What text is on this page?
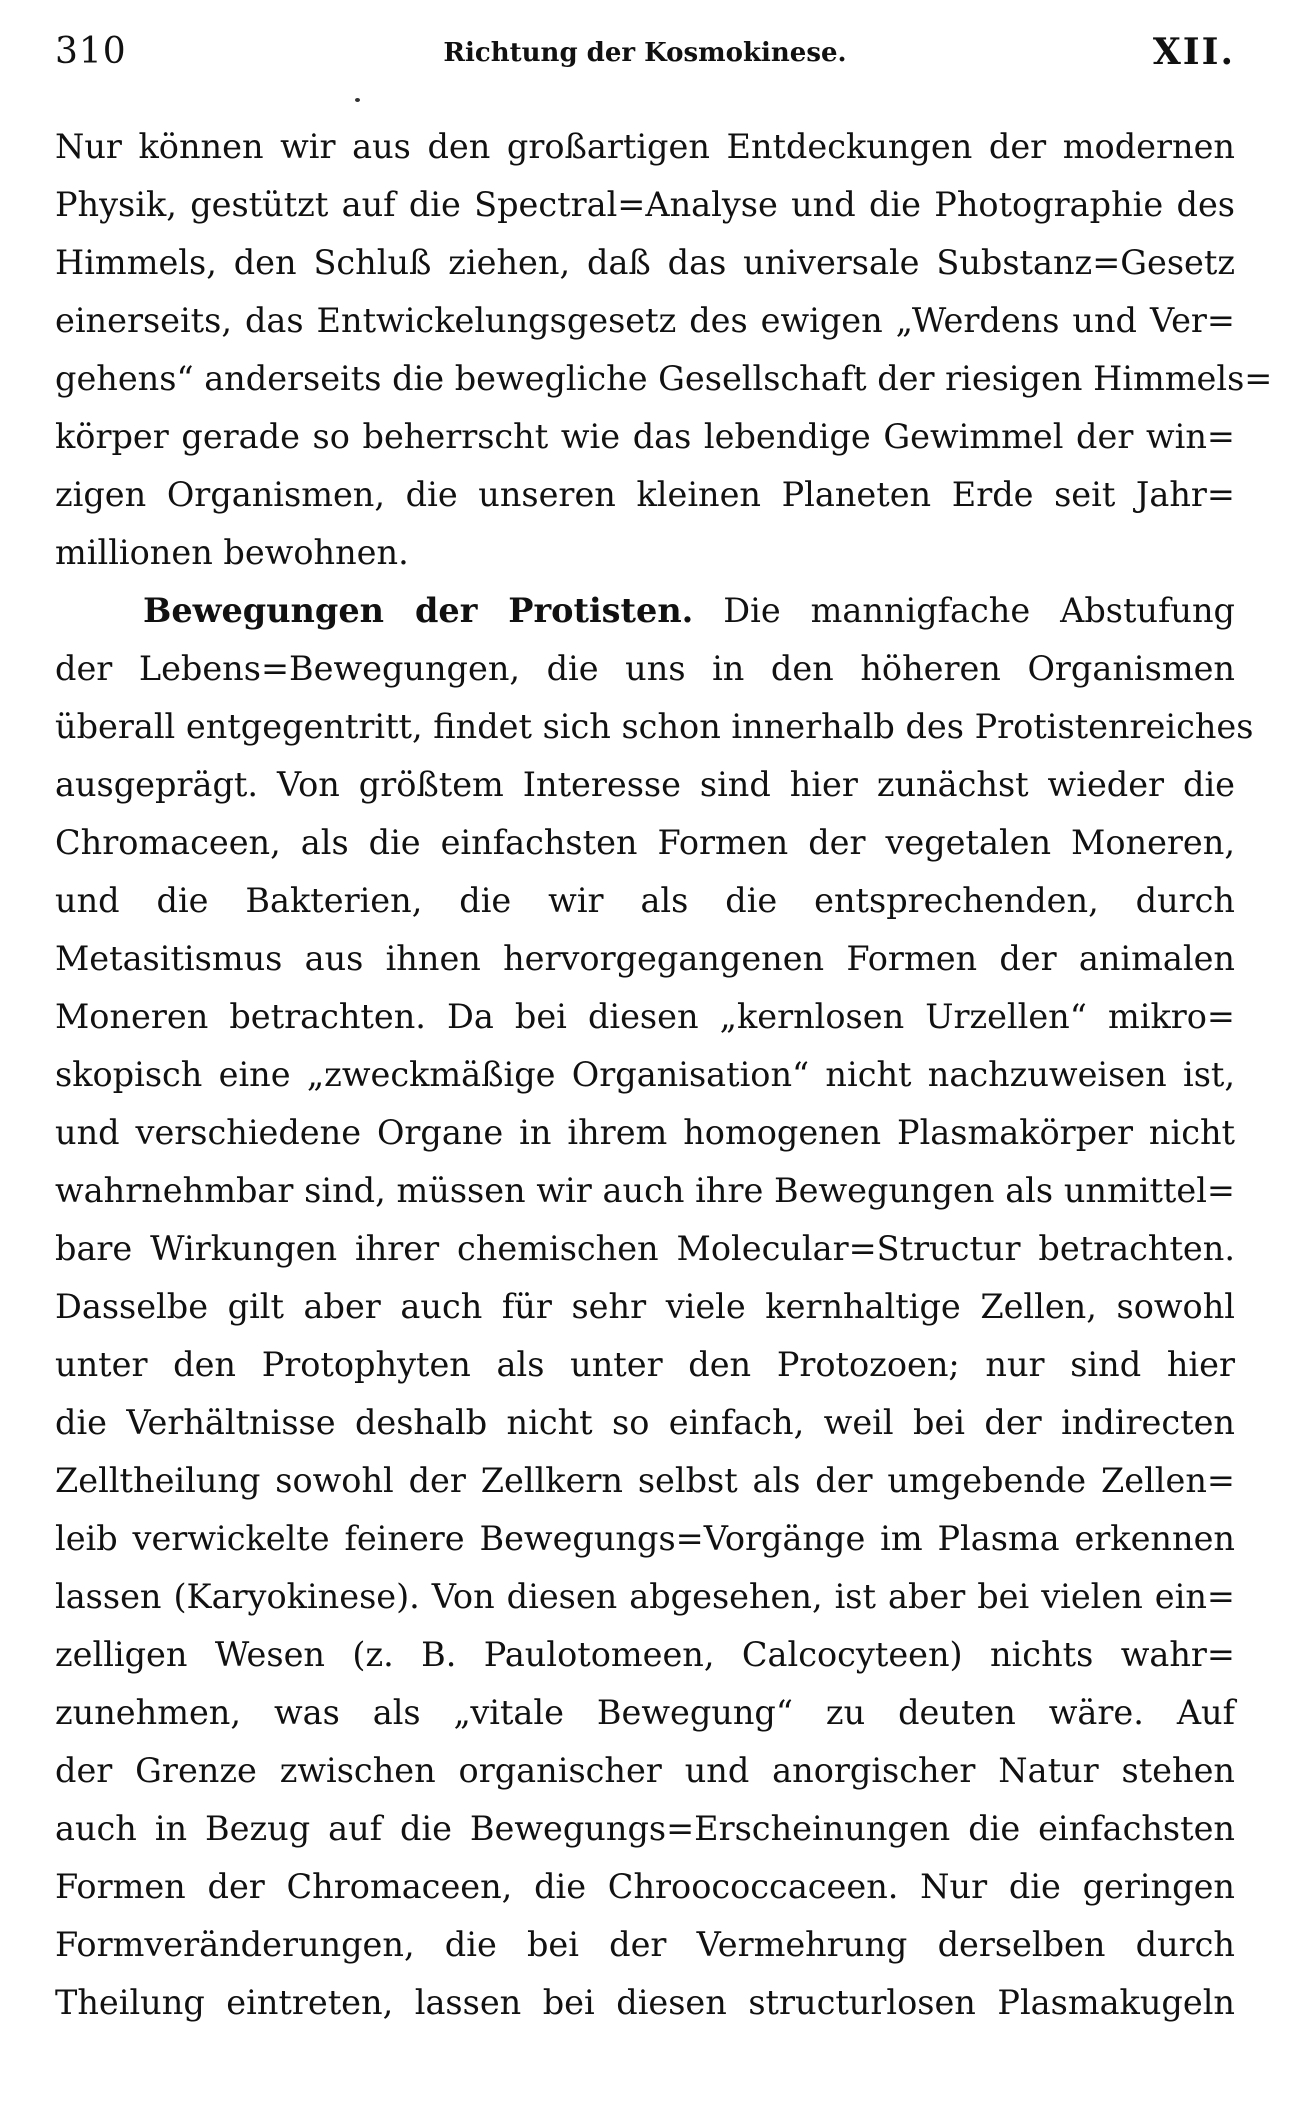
310	Richtung der Kosmokinese.	XII.
Nur können wir aus den großartigen Entdeckungen der modernen
Physik, gestützt auf die Spectral=Analyse und die Photographie des
Himmels, den Schluß ziehen, daß das universale Substanz=Gesetz
einerseits, das Entwickelungsgesetz des ewigen „Werdens und Ver=
gehens“ anderseits die bewegliche Gesellschaft der riesigen Himmels=
körper gerade so beherrscht wie das lebendige Gewimmel der win=
zigen Organismen, die unseren kleinen Planeten Erde seit Jahr=
millionen bewohnen.
Bewegungen der Protisten. Die mannigfache Abstufung
der Lebens=Bewegungen, die uns in den höheren Organismen
überall entgegentritt, findet sich schon innerhalb des Protistenreiches
ausgeprägt. Von größtem Interesse sind hier zunächst wieder die
Chromaceen, als die einfachsten Formen der vegetalen Moneren,
und die Bakterien, die wir als die entsprechenden, durch
Metasitismus aus ihnen hervorgegangenen Formen der animalen
Moneren betrachten. Da bei diesen „kernlosen Urzellen“ mikro=
skopisch eine „zweckmäßige Organisation“ nicht nachzuweisen ist,
und verschiedene Organe in ihrem homogenen Plasmakörper nicht
wahrnehmbar sind, müssen wir auch ihre Bewegungen als unmittel=
bare Wirkungen ihrer chemischen Molecular=Structur betrachten.
Dasselbe gilt aber auch für sehr viele kernhaltige Zellen, sowohl
unter den Protophyten als unter den Protozoen; nur sind hier
die Verhältnisse deshalb nicht so einfach, weil bei der indirecten
Zelltheilung sowohl der Zellkern selbst als der umgebende Zellen=
leib verwickelte feinere Bewegungs=Vorgänge im Plasma erkennen
lassen (Karyokinese). Von diesen abgesehen, ist aber bei vielen ein=
zelligen Wesen (z. B. Paulotomeen, Calcocyteen) nichts wahr=
zunehmen, was als „vitale Bewegung“ zu deuten wäre. Auf
der Grenze zwischen organischer und anorgischer Natur stehen
auch in Bezug auf die Bewegungs=Erscheinungen die einfachsten
Formen der Chromaceen, die Chroococcaceen. Nur die geringen
Formveränderungen, die bei der Vermehrung derselben durch
Theilung eintreten, lassen bei diesen structurlosen Plasmakugeln
